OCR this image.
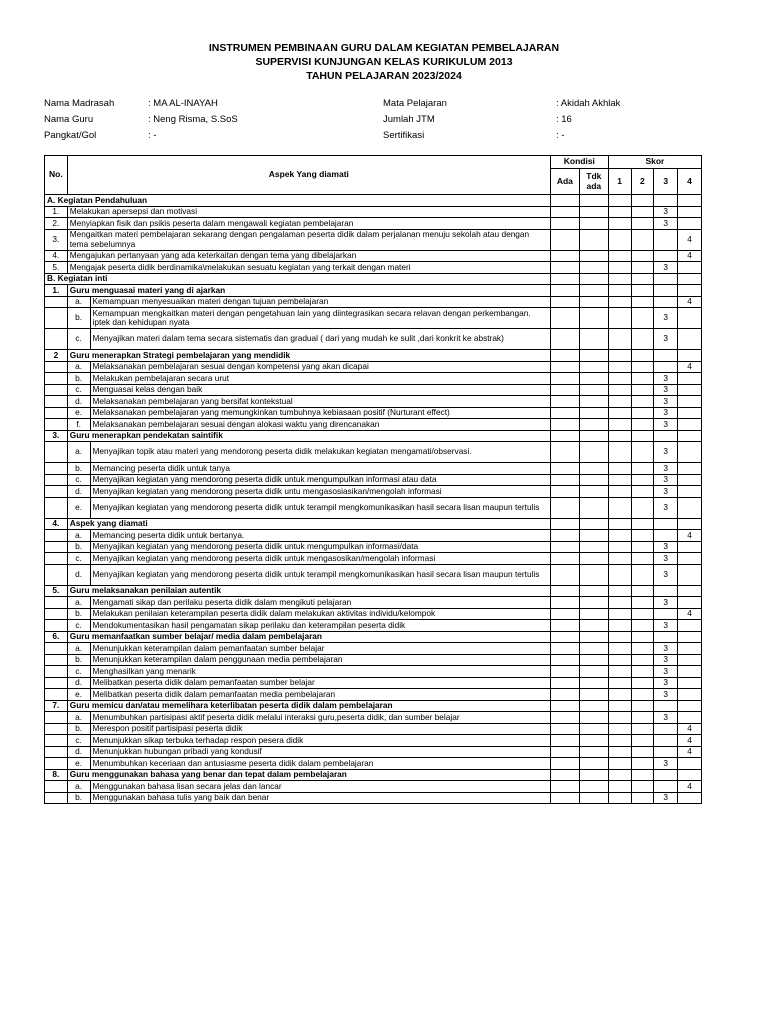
INSTRUMEN PEMBINAAN GURU DALAM KEGIATAN PEMBELAJARAN
SUPERVISI KUNJUNGAN KELAS KURIKULUM 2013
TAHUN PELAJARAN 2023/2024
Nama Madrasah	: MA AL-INAYAH	Mata Pelajaran	: Akidah Akhlak
Nama Guru	: Neng Risma, S.SoS	Jumlah JTM	: 16
Pangkat/Gol	: -	Sertifikasi	: -
No.	Aspek Yang diamati		Kondisi		Skor			
			Ada	Tdk ada	1	2	3	4
A. Kegiatan Pendahuluan								
1.	Melakukan apersepsi dan motivasi						3	
2.	Menyiapkan fisik dan psikis peserta dalam mengawali kegiatan pembelajaran						3	
3.	Mengaitkan materi pembelajaran sekarang dengan pengalaman peserta didik dalam perjalanan menuju sekolah atau dengan tema sebelumnya							4
4.	Mengajukan pertanyaan yang ada keterkaitan dengan tema yang dibelajarkan							4
5.	Mengajak peserta didik berdinamika\melakukan sesuatu kegiatan yang terkait dengan materi						3	
B. Kegiatan inti								
1.	Guru menguasai materi yang di ajarkan							
	a.	Kemampuan menyesuaikan materi dengan tujuan pembelajaran						4
	b.	Kemampuan mengkaitkan materi dengan pengetahuan lain yang diintegrasikan secara relavan dengan perkembangan. iptek dan kehidupan nyata					3	
	c.	Menyajikan materi dalam tema secara sistematis dan gradual ( dari yang mudah ke sulit ,dari konkrit ke abstrak)					3	
2	Guru menerapkan Strategi pembelajaran yang mendidik							
	a.	Melaksanakan pembelajaran sesuai dengan kompetensi yang akan dicapai						4
	b.	Melakukan pembelajaran secara urut					3	
	c.	Menguasai kelas dengan baik					3	
	d.	Melaksanakan pembelajaran yang bersifat kontekstual					3	
	e.	Melaksanakan pembelajaran yang memungkinkan tumbuhnya kebiasaan positif (Nurturant effect)					3	
	f.	Melaksanakan pembelajaran sesuai dengan alokasi waktu yang direncanakan					3	
3.	Guru menerapkan pendekatan saintifik							
	a.	Menyajikan topik atau materi yang mendorong peserta didik melakukan kegiatan mengamati/observasi.					3	
	b.	Memancing peserta didik untuk tanya					3	
	c.	Menyajikan kegiatan yang mendorong peserta didik untuk mengumpulkan informasi atau data					3	
	d.	Menyajikan kegiatan yang mendorong peserta didik untu mengasosiasikan/mengolah informasi					3	
	e.	Menyajikan kegiatan yang mendorong peserta didik untuk terampil mengkomunikasikan hasil secara lisan maupun tertulis					3	
4.	Aspek yang diamati							
	a.	Memancing peserta didik untuk bertanya.						4
	b.	Menyajikan kegiatan yang mendorong peserta didik untuk mengumpulkan informasi/data					3	
	c.	Menyajikan kegiatan yang mendorong peserta didik untuk mengasosikan/mengolah informasi					3	
	d.	Menyajikan kegiatan yang mendorong peserta didik untuk terampil mengkomunikasikan hasil secara lisan maupun tertulis					3	
5.	Guru melaksanakan penilaian autentik							
	a.	Mengamati sikap dan perilaku peserta didik dalam mengikuti pelajaran					3	
	b.	Melakukan penilaian keterampilan peserta didik dalam melakukan aktivitas individu/kelompok						4
	c.	Mendokumentasikan hasil pengamatan sikap perilaku dan keterampilan peserta didik					3	
6.	Guru memanfaatkan sumber belajar/ media dalam pembelajaran							
	a.	Menunjukkan keterampilan dalam pemanfaatan sumber belajar					3	
	b.	Menunjukkan keterampilan dalam penggunaan media pembelajaran					3	
	c.	Menghasilkan yang menarik					3	
	d.	Melibatkan peserta didik dalam pemanfaatan sumber belajar					3	
	e.	Melibatkan peserta didik dalam pemanfaatan media pembelajaran					3	
7.	Guru memicu dan/atau memelihara keterlibatan peserta didik dalam pembelajaran							
	a.	Menumbuhkan partisipasi aktif peserta didik melalui interaksi guru,peserta didik, dan sumber belajar					3	
	b.	Merespon positif partisipasi peserta didik						4
	c.	Menunjukkan sikap terbuka terhadap respon pesera didik						4
	d.	Menunjukkan hubungan pribadi yang kondusif						4
	e.	Menumbuhkan keceriaan dan antusiasme peserta didik dalam pembelajaran					3	
8.	Guru menggunakan bahasa yang benar dan tepat dalam pembelajaran							
	a.	Menggunakan bahasa lisan secara jelas dan lancar						4
	b.	Menggunakan bahasa tulis yang baik dan benar					3	
